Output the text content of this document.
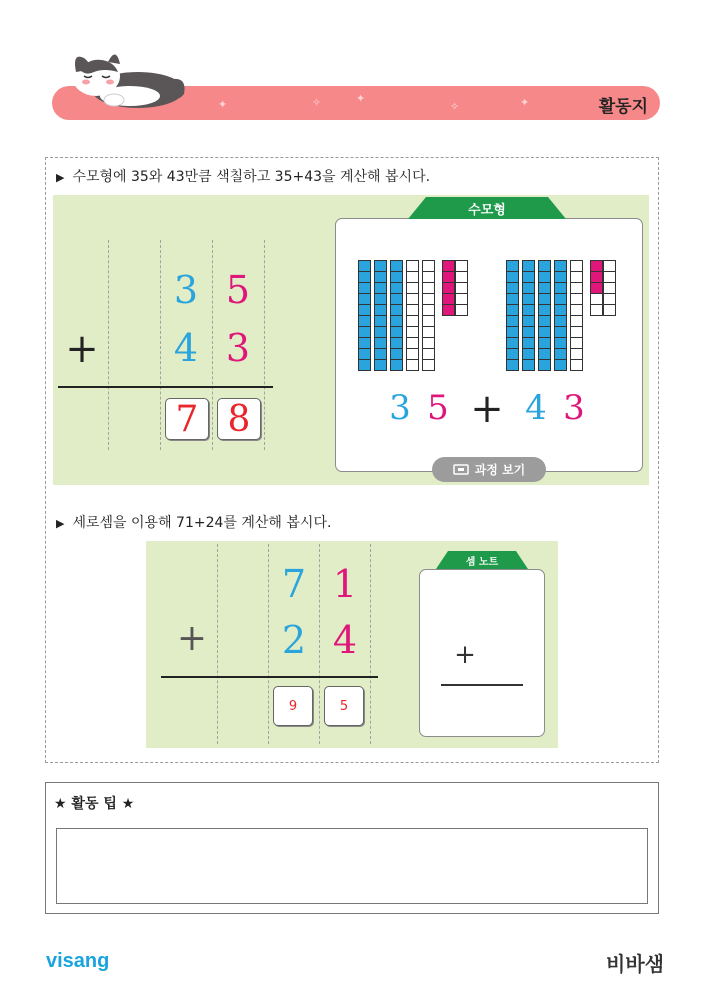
✦	✧	✦
✧	✦	활동지
▶ 수모형에 35와 43만큼 색칠하고 35+43을 계산해 봅시다.
3 5
+	4 3
7 8
수모형
3 5 + 4 3
과정 보기
▶ 세로셈을 이용해 71+24를 계산해 봅시다.
7 1
+	2 4
9	5
셈 노트
+
★ 활동 팁 ★
visang	비바샘
